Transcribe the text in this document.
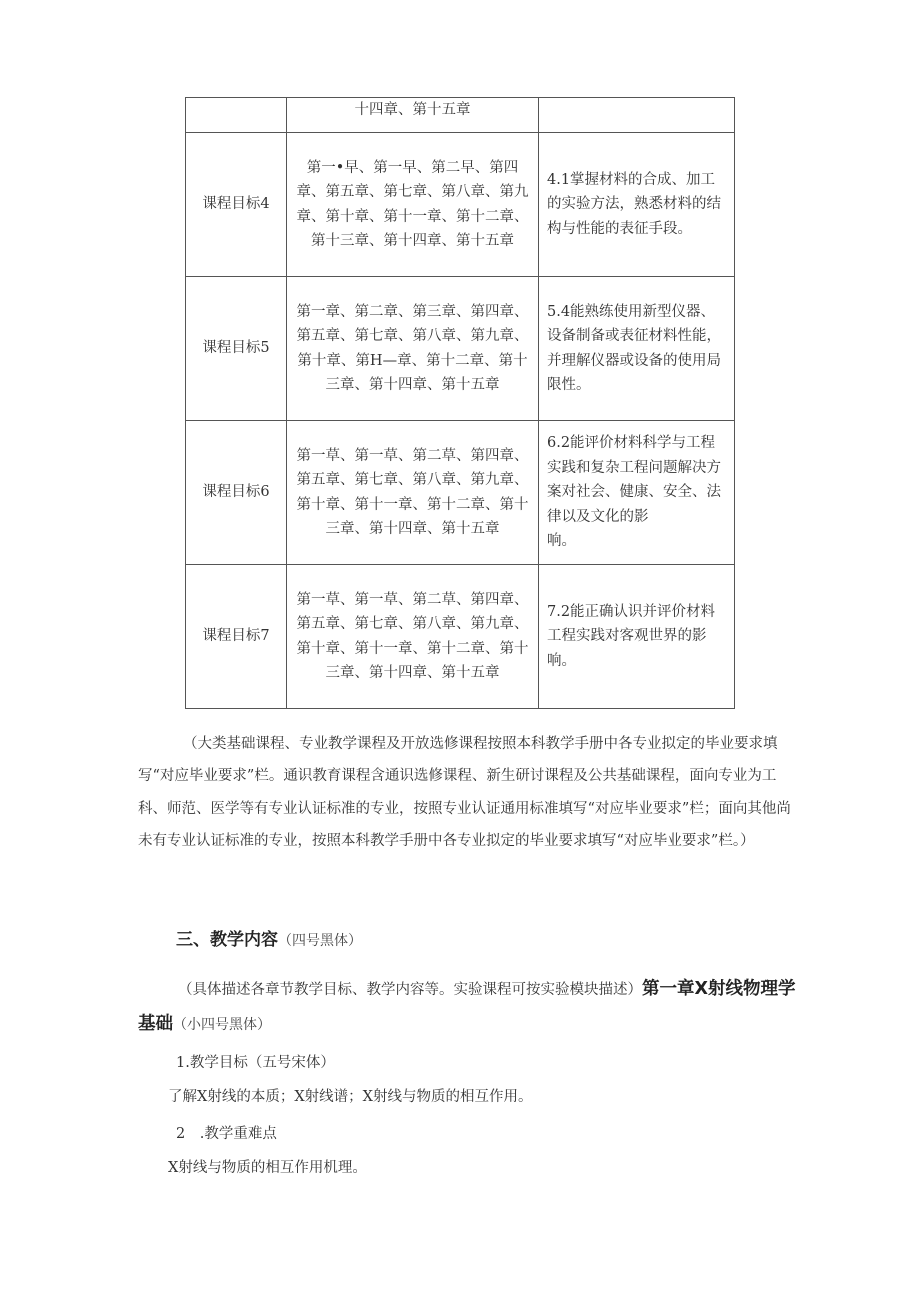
	十四章、第十五章	
课程目标4	第一•早、第一早、第二早、第四章、第五章、第七章、第八章、第九章、第十章、第十一章、第十二章、第十三章、第十四章、第十五章	4.1掌握材料的合成、加工的实验方法，熟悉材料的结构与性能的表征手段。
课程目标5	第一章、第二章、第三章、第四章、第五章、第七章、第八章、第九章、第十章、第H—章、第十二章、第十三章、第十四章、第十五章	5.4能熟练使用新型仪器、设备制备或表征材料性能，并理解仪器或设备的使用局限性。
课程目标6	第一草、第一草、第二草、第四章、第五章、第七章、第八章、第九章、第十章、第十一章、第十二章、第十三章、第十四章、第十五章	6.2能评价材料科学与工程实践和复杂工程问题解决方案对社会、健康、安全、法律以及文化的影
响。
课程目标7	第一草、第一草、第二草、第四章、第五章、第七章、第八章、第九章、第十章、第十一章、第十二章、第十三章、第十四章、第十五章	7.2能正确认识并评价材料工程实践对客观世界的影响。
（大类基础课程、专业教学课程及开放选修课程按照本科教学手册中各专业拟定的毕业要求填写“对应毕业要求”栏。通识教育课程含通识选修课程、新生研讨课程及公共基础课程，面向专业为工科、师范、医学等有专业认证标准的专业，按照专业认证通用标准填写“对应毕业要求”栏；面向其他尚未有专业认证标准的专业，按照本科教学手册中各专业拟定的毕业要求填写“对应毕业要求”栏。）
三、教学内容（四号黑体）
（具体描述各章节教学目标、教学内容等。实验课程可按实验模块描述）第一章X射线物理学基础（小四号黑体）
1.教学目标（五号宋体）
了解X射线的本质；X射线谱；X射线与物质的相互作用。
2　.教学重难点
X射线与物质的相互作用机理。
